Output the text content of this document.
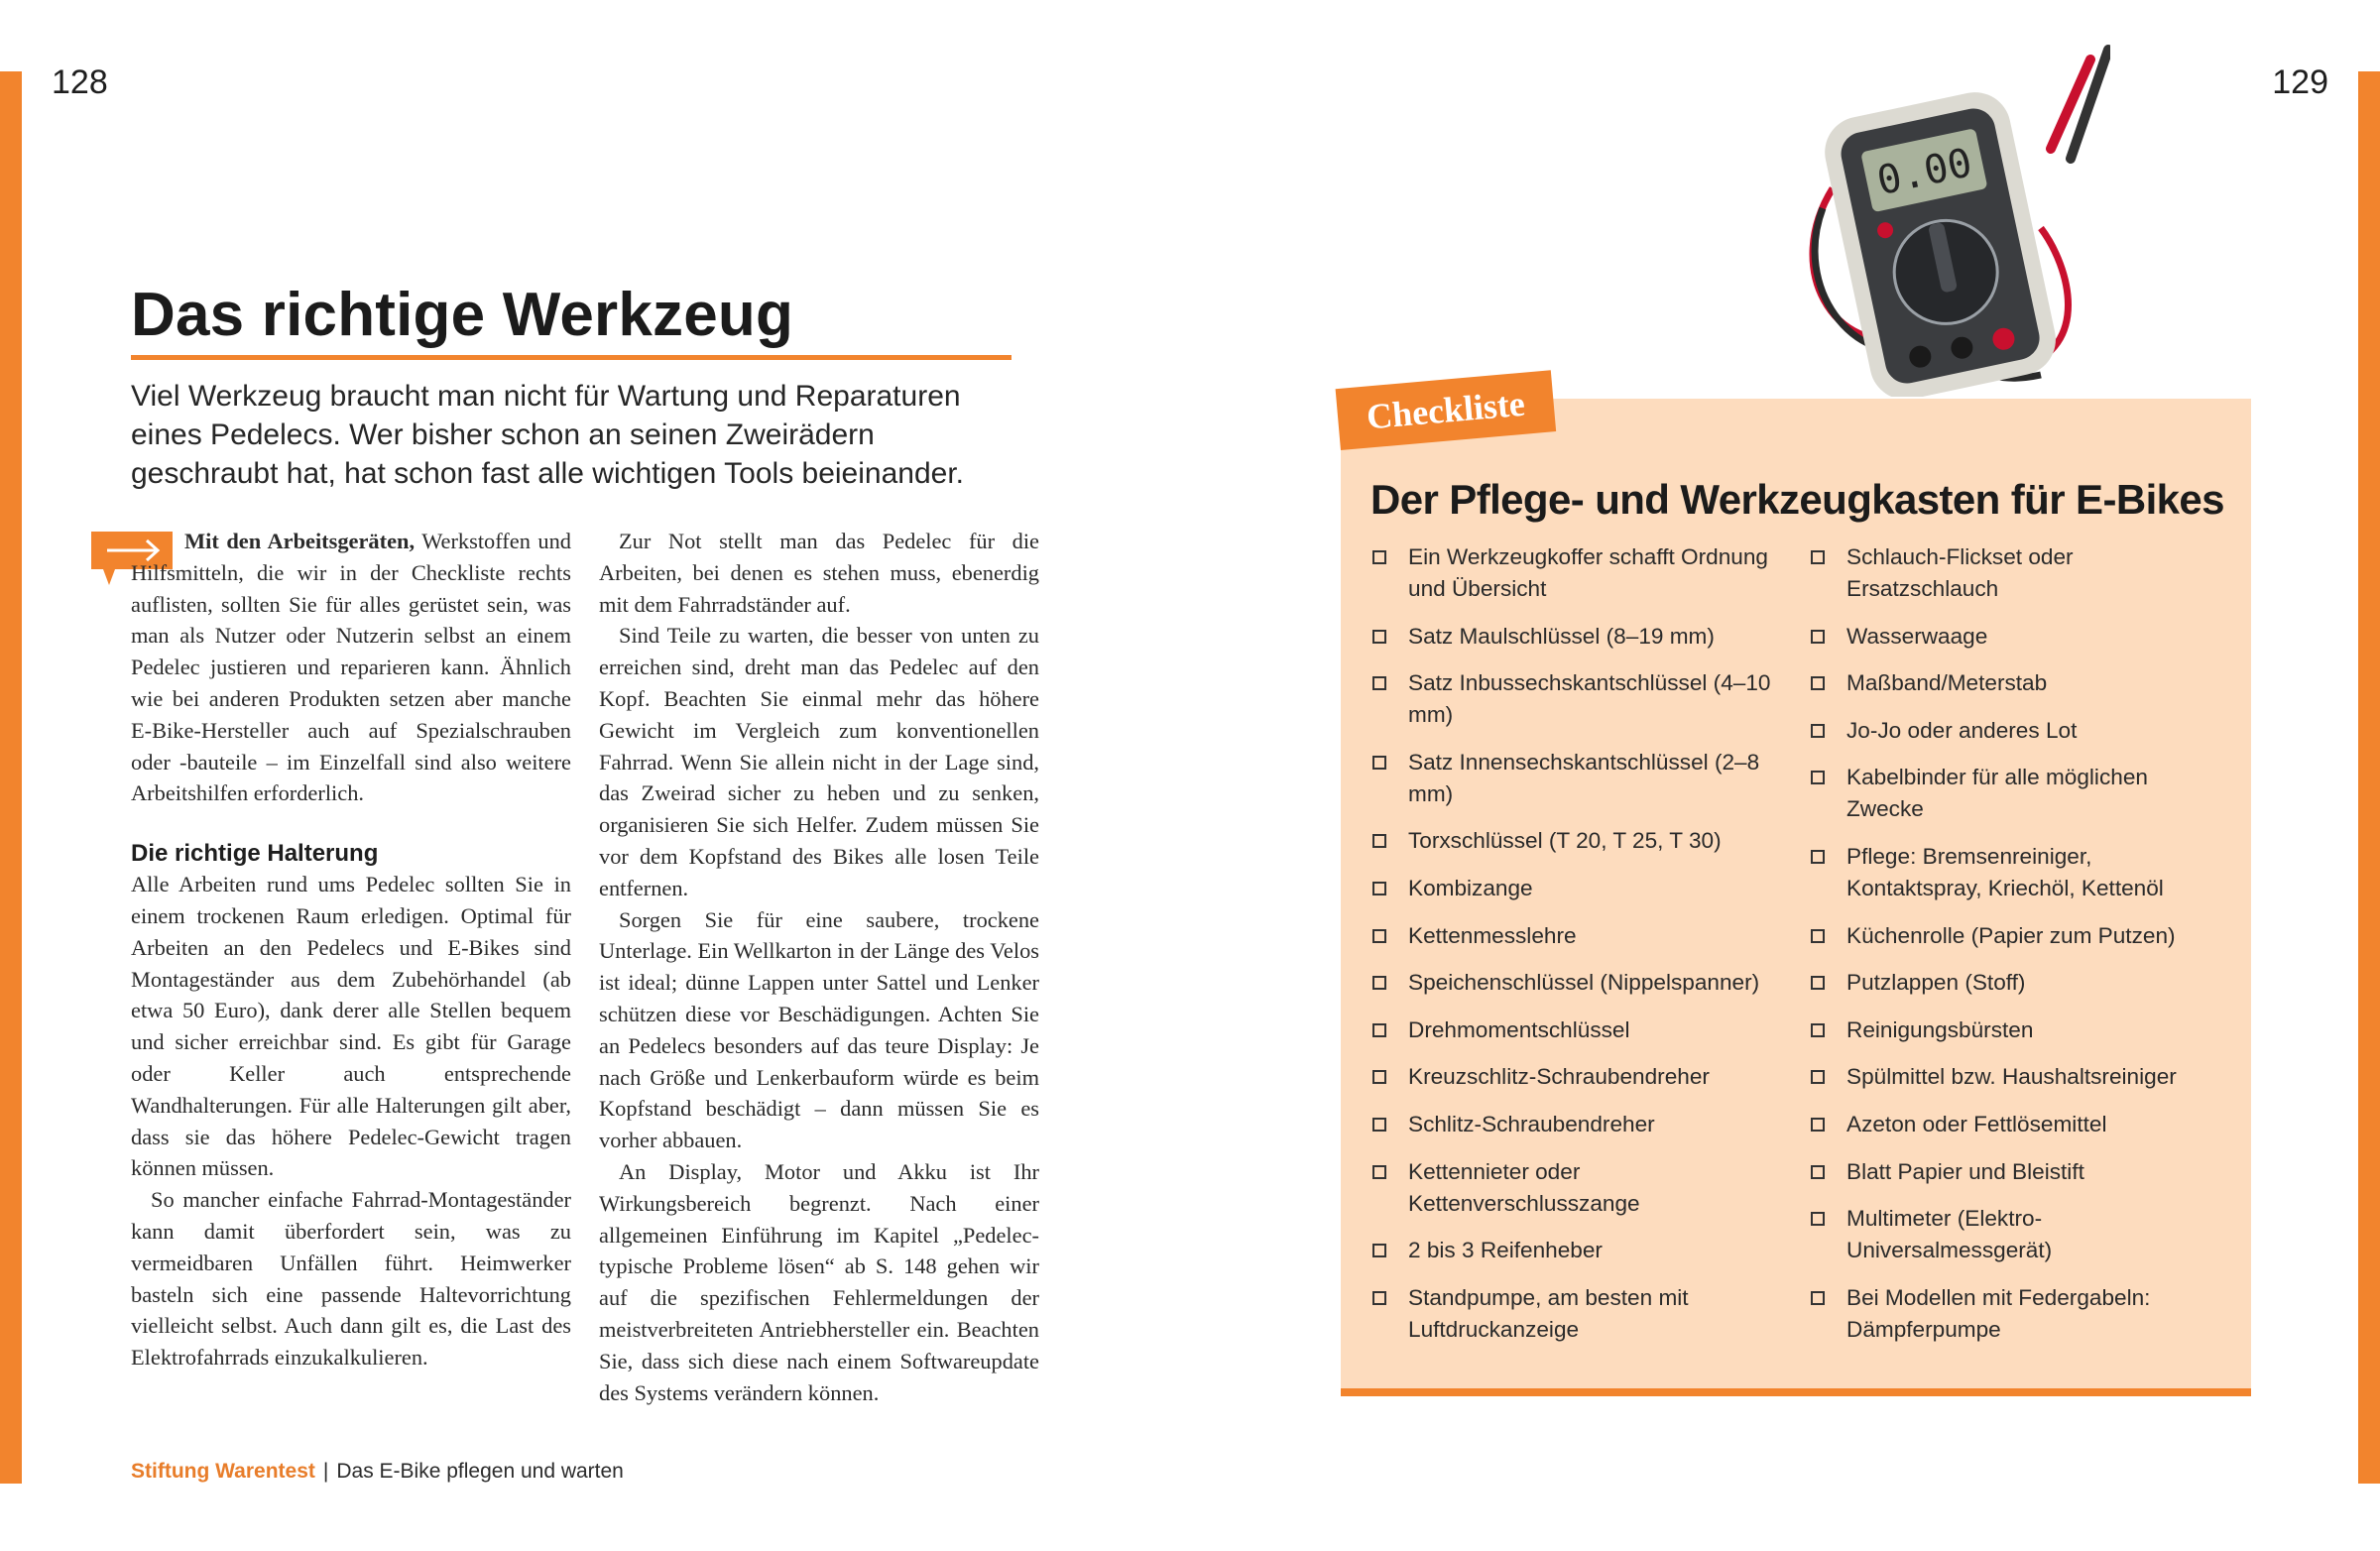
128	129
Das richtige Werkzeug

Viel Werkzeug braucht man nicht für Wartung und Reparaturen eines Pedelecs. Wer bisher schon an seinen Zweirädern geschraubt hat, hat schon fast alle wichtigen Tools beieinander.

Mit den Arbeitsgeräten, Werkstoffen und Hilfsmitteln, die wir in der Checkliste rechts auflisten, sollten Sie für alles gerüstet sein, was man als Nutzer oder Nutzerin selbst an einem Pedelec justieren und reparieren kann. Ähnlich wie bei anderen Produkten setzen aber manche E-Bike-Hersteller auch auf Spezialschrauben oder -bauteile – im Einzelfall sind also weitere Arbeitshilfen erforderlich.

Die richtige Halterung

Alle Arbeiten rund ums Pedelec sollten Sie in einem trockenen Raum erledigen. Optimal für Arbeiten an den Pedelecs und E-Bikes sind Montageständer aus dem Zubehörhandel (ab etwa 50 Euro), dank derer alle Stellen bequem und sicher erreichbar sind. Es gibt für Garage oder Keller auch entsprechende Wandhalterungen. Für alle Halterungen gilt aber, dass sie das höhere Pedelec-Gewicht tragen können müssen.

So mancher einfache Fahrrad-Montageständer kann damit überfordert sein, was zu vermeidbaren Unfällen führt. Heimwerker basteln sich eine passende Haltevorrichtung vielleicht selbst. Auch dann gilt es, die Last des Elektrofahrrads einzukalkulieren.

Zur Not stellt man das Pedelec für die Arbeiten, bei denen es stehen muss, ebenerdig mit dem Fahrradständer auf.

Sind Teile zu warten, die besser von unten zu erreichen sind, dreht man das Pedelec auf den Kopf. Beachten Sie einmal mehr das höhere Gewicht im Vergleich zum konventionellen Fahrrad. Wenn Sie allein nicht in der Lage sind, das Zweirad sicher zu heben und zu senken, organisieren Sie sich Helfer. Zudem müssen Sie vor dem Kopfstand des Bikes alle losen Teile entfernen.

Sorgen Sie für eine saubere, trockene Unterlage. Ein Wellkarton in der Länge des Velos ist ideal; dünne Lappen unter Sattel und Lenker schützen diese vor Beschädigungen. Achten Sie an Pedelecs besonders auf das teure Display: Je nach Größe und Lenkerbauform würde es beim Kopfstand beschädigt – dann müssen Sie es vorher abbauen.

An Display, Motor und Akku ist Ihr Wirkungsbereich begrenzt. Nach einer allgemeinen Einführung im Kapitel „Pedelec-typische Probleme lösen“ ab S. 148 gehen wir auf die spezifischen Fehlermeldungen der meistverbreiteten Antriebhersteller ein. Beachten Sie, dass sich diese nach einem Softwareupdate des Systems verändern können.

Stiftung Warentest | Das E-Bike pflegen und warten
0.00
Checkliste
Der Pflege- und Werkzeugkasten für E-Bikes
Ein Werkzeugkoffer schafft Ordnung und Übersicht
Satz Maulschlüssel (8–19 mm)
Satz Inbussechskantschlüssel (4–10 mm)
Satz Innensechskantschlüssel (2–8 mm)
Torxschlüssel (T 20, T 25, T 30)
Kombizange
Kettenmesslehre
Speichenschlüssel (Nippelspanner)
Drehmomentschlüssel
Kreuzschlitz-Schraubendreher
Schlitz-Schraubendreher
Kettennieter oder Kettenverschlusszange
2 bis 3 Reifenheber
Standpumpe, am besten mit Luftdruckanzeige
Schlauch-Flickset oder Ersatzschlauch
Wasserwaage
Maßband/Meterstab
Jo-Jo oder anderes Lot
Kabelbinder für alle möglichen Zwecke
Pflege: Bremsenreiniger, Kontaktspray, Kriechöl, Kettenöl
Küchenrolle (Papier zum Putzen)
Putzlappen (Stoff)
Reinigungsbürsten
Spülmittel bzw. Haushaltsreiniger
Azeton oder Fettlösemittel
Blatt Papier und Bleistift
Multimeter (Elektro-Universalmessgerät)
Bei Modellen mit Federgabeln: Dämpferpumpe
